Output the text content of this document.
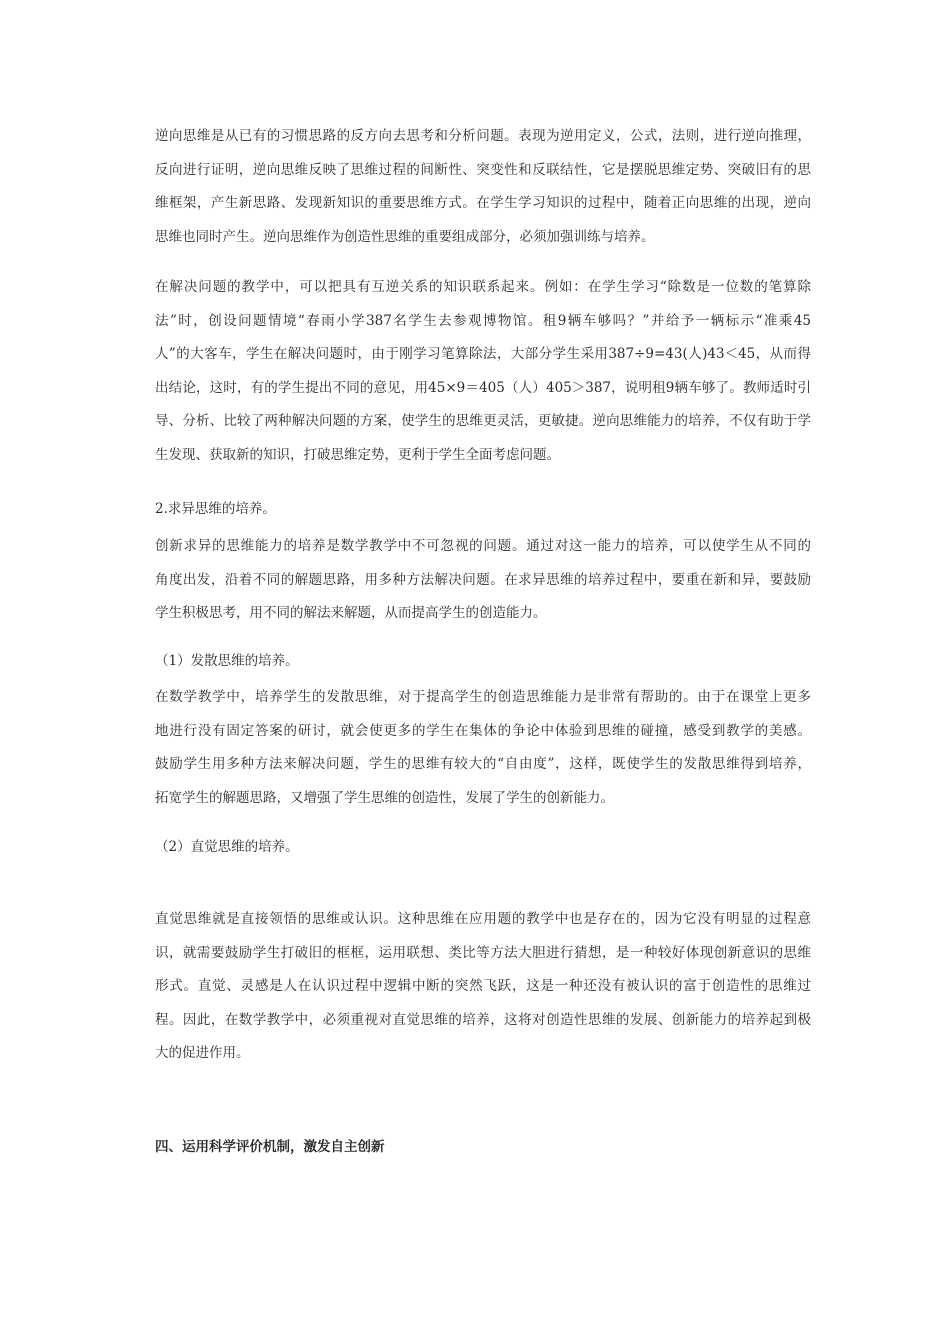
逆向思维是从已有的习惯思路的反方向去思考和分析问题。表现为逆用定义，公式，法则，进行逆向推理，
反向进行证明，逆向思维反映了思维过程的间断性、突变性和反联结性，它是摆脱思维定势、突破旧有的思
维框架，产生新思路、发现新知识的重要思维方式。在学生学习知识的过程中，随着正向思维的出现，逆向
思维也同时产生。逆向思维作为创造性思维的重要组成部分，必须加强训练与培养。
在解决问题的教学中，可以把具有互逆关系的知识联系起来。例如：在学生学习“除数是一位数的笔算除
法”时，创设问题情境“春雨小学387名学生去参观博物馆。租9辆车够吗？”并给予一辆标示“准乘45
人”的大客车，学生在解决问题时，由于刚学习笔算除法，大部分学生采用387÷9=43(人)43＜45，从而得
出结论，这时，有的学生提出不同的意见，用45×9＝405（人）405＞387，说明租9辆车够了。教师适时引
导、分析、比较了两种解决问题的方案，使学生的思维更灵活，更敏捷。逆向思维能力的培养，不仅有助于学
生发现、获取新的知识，打破思维定势，更利于学生全面考虑问题。
2.求异思维的培养。
创新求异的思维能力的培养是数学教学中不可忽视的问题。通过对这一能力的培养，可以使学生从不同的
角度出发，沿着不同的解题思路，用多种方法解决问题。在求异思维的培养过程中，要重在新和异，要鼓励
学生积极思考，用不同的解法来解题，从而提高学生的创造能力。
（1）发散思维的培养。
在数学教学中，培养学生的发散思维，对于提高学生的创造思维能力是非常有帮助的。由于在课堂上更多
地进行没有固定答案的研讨，就会使更多的学生在集体的争论中体验到思维的碰撞，感受到教学的美感。
鼓励学生用多种方法来解决问题，学生的思维有较大的“自由度”，这样，既使学生的发散思维得到培养，
拓宽学生的解题思路，又增强了学生思维的创造性，发展了学生的创新能力。
（2）直觉思维的培养。
直觉思维就是直接领悟的思维或认识。这种思维在应用题的教学中也是存在的，因为它没有明显的过程意
识，就需要鼓励学生打破旧的框框，运用联想、类比等方法大胆进行猜想，是一种较好体现创新意识的思维
形式。直觉、灵感是人在认识过程中逻辑中断的突然飞跃，这是一种还没有被认识的富于创造性的思维过
程。因此，在数学教学中，必须重视对直觉思维的培养，这将对创造性思维的发展、创新能力的培养起到极
大的促进作用。
四、运用科学评价机制，激发自主创新
